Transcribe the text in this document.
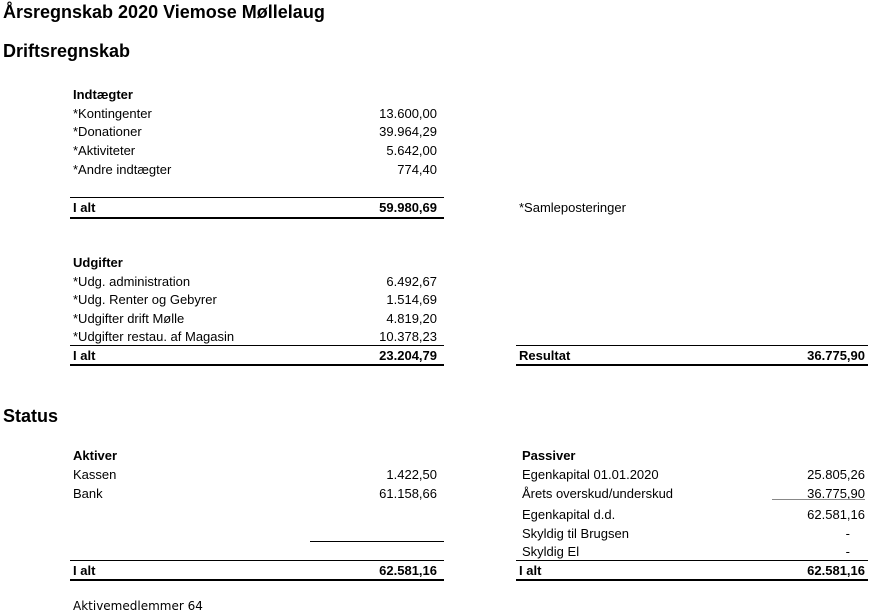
Årsregnskab 2020 Viemose Møllelaug
Driftsregnskab
Indtægter
*Kontingenter	13.600,00
*Donationer	39.964,29
*Aktiviteter	5.642,00
*Andre indtægter	774,40
I alt	59.980,69	*Samleposteringer
Udgifter
*Udg. administration	6.492,67
*Udg. Renter og Gebyrer	1.514,69
*Udgifter drift Mølle	4.819,20
*Udgifter restau. af Magasin	10.378,23
I alt	23.204,79	Resultat	36.775,90
Status
Aktiver
Kassen	1.422,50
Bank	61.158,66
I alt	62.581,16
Passiver
Egenkapital 01.01.2020	25.805,26
Årets overskud/underskud	36.775,90
Egenkapital d.d.	62.581,16
Skyldig til Brugsen	-
Skyldig El	-
I alt	62.581,16
Aktivemedlemmer 64
